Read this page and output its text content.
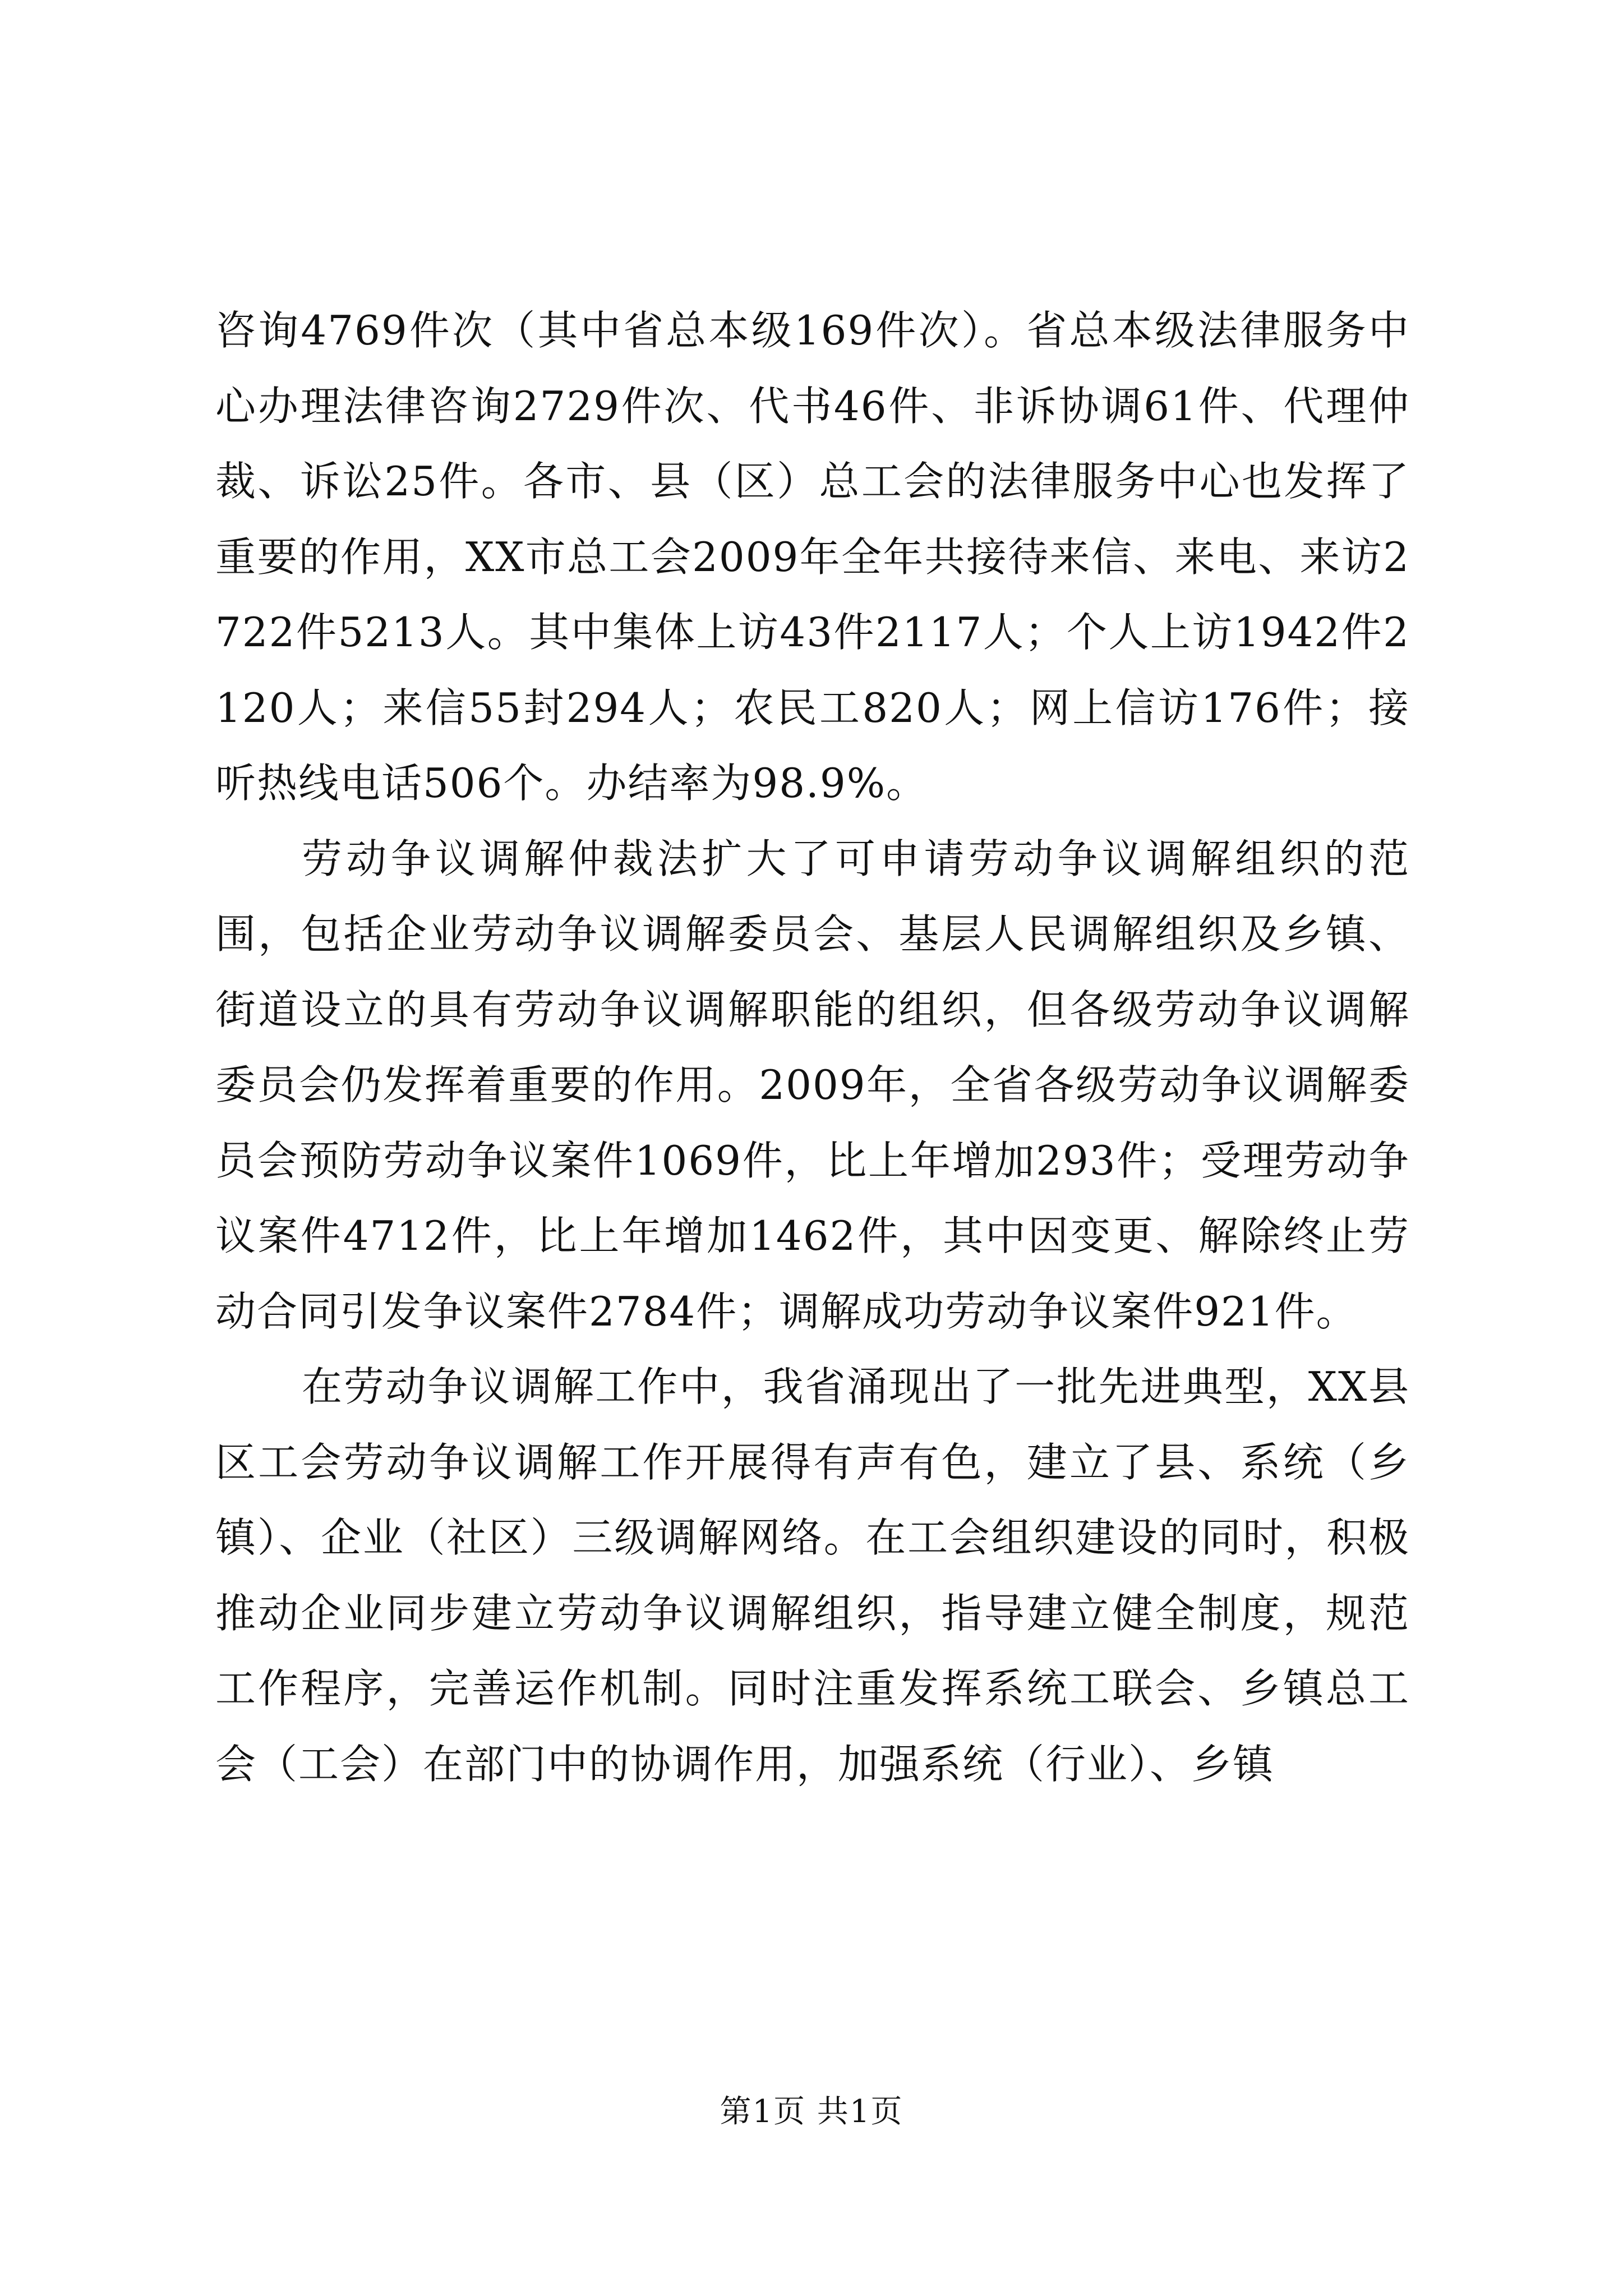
咨询4769件次（其中省总本级169件次）。省总本级法律服务中心办理法律咨询2729件次、代书46件、非诉协调61件、代理仲裁、诉讼25件。各市、县（区）总工会的法律服务中心也发挥了重要的作用，XX市总工会2009年全年共接待来信、来电、来访2722件5213人。其中集体上访43件2117人；个人上访1942件2120人；来信55封294人；农民工820人；网上信访176件；接听热线电话506个。办结率为98.9%。

劳动争议调解仲裁法扩大了可申请劳动争议调解组织的范围，包括企业劳动争议调解委员会、基层人民调解组织及乡镇、街道设立的具有劳动争议调解职能的组织，但各级劳动争议调解委员会仍发挥着重要的作用。2009年，全省各级劳动争议调解委员会预防劳动争议案件1069件，比上年增加293件；受理劳动争议案件4712件，比上年增加1462件，其中因变更、解除终止劳动合同引发争议案件2784件；调解成功劳动争议案件921件。

在劳动争议调解工作中，我省涌现出了一批先进典型，XX县区工会劳动争议调解工作开展得有声有色，建立了县、系统（乡镇）、企业（社区）三级调解网络。在工会组织建设的同时，积极推动企业同步建立劳动争议调解组织，指导建立健全制度，规范工作程序，完善运作机制。同时注重发挥系统工联会、乡镇总工会（工会）在部门中的协调作用，加强系统（行业）、乡镇

第1页 共1页
